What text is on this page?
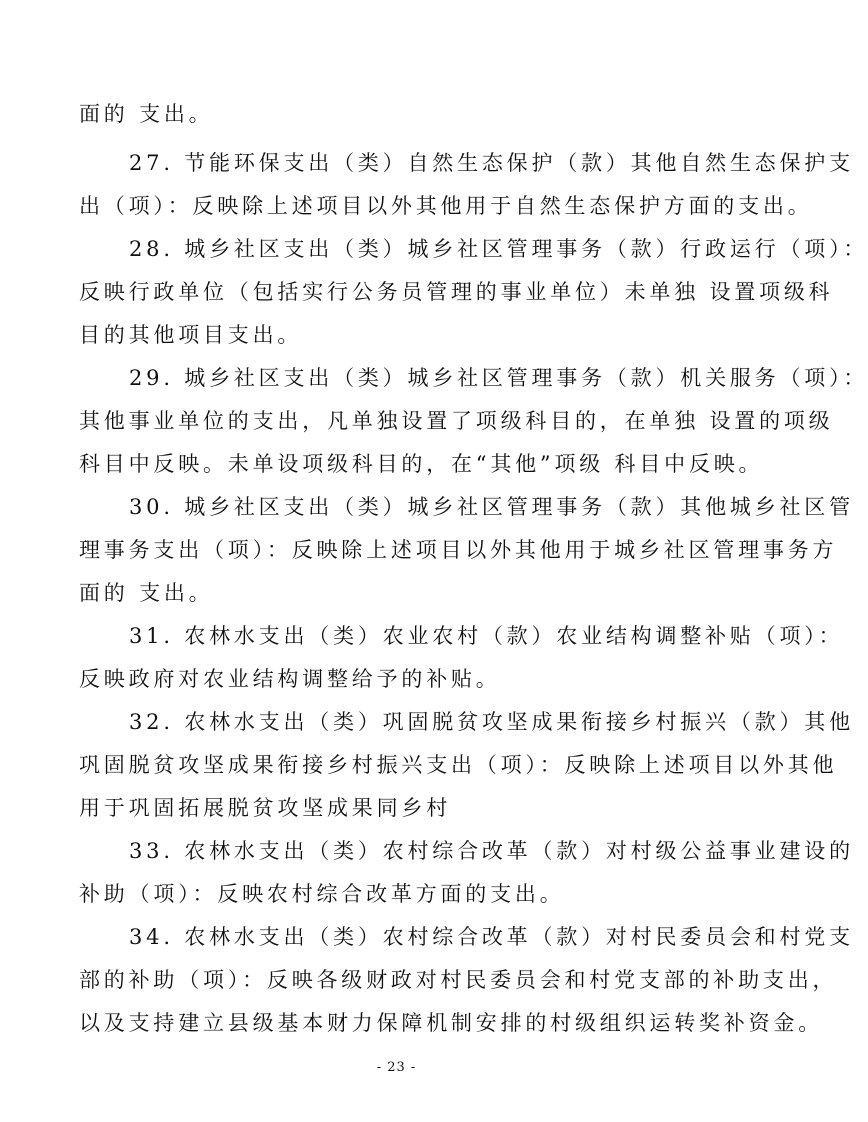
面的 支出。
27. 节能环保支出（类）自然生态保护（款）其他自然生态保护支
出（项）：反映除上述项目以外其他用于自然生态保护方面的支出。
28. 城乡社区支出（类）城乡社区管理事务（款）行政运行（项）：
反映行政单位（包括实行公务员管理的事业单位）未单独 设置项级科
目的其他项目支出。
29. 城乡社区支出（类）城乡社区管理事务（款）机关服务（项）：
其他事业单位的支出，凡单独设置了项级科目的，在单独 设置的项级
科目中反映。未单设项级科目的，在“其他”项级 科目中反映。
30. 城乡社区支出（类）城乡社区管理事务（款）其他城乡社区管
理事务支出（项）：反映除上述项目以外其他用于城乡社区管理事务方
面的 支出。
31. 农林水支出（类）农业农村（款）农业结构调整补贴（项）：
反映政府对农业结构调整给予的补贴。
32. 农林水支出（类）巩固脱贫攻坚成果衔接乡村振兴（款）其他
巩固脱贫攻坚成果衔接乡村振兴支出（项）：反映除上述项目以外其他
用于巩固拓展脱贫攻坚成果同乡村
33. 农林水支出（类）农村综合改革（款）对村级公益事业建设的
补助（项）：反映农村综合改革方面的支出。
34. 农林水支出（类）农村综合改革（款）对村民委员会和村党支
部的补助（项）：反映各级财政对村民委员会和村党支部的补助支出，
以及支持建立县级基本财力保障机制安排的村级组织运转奖补资金。
- 23 -
